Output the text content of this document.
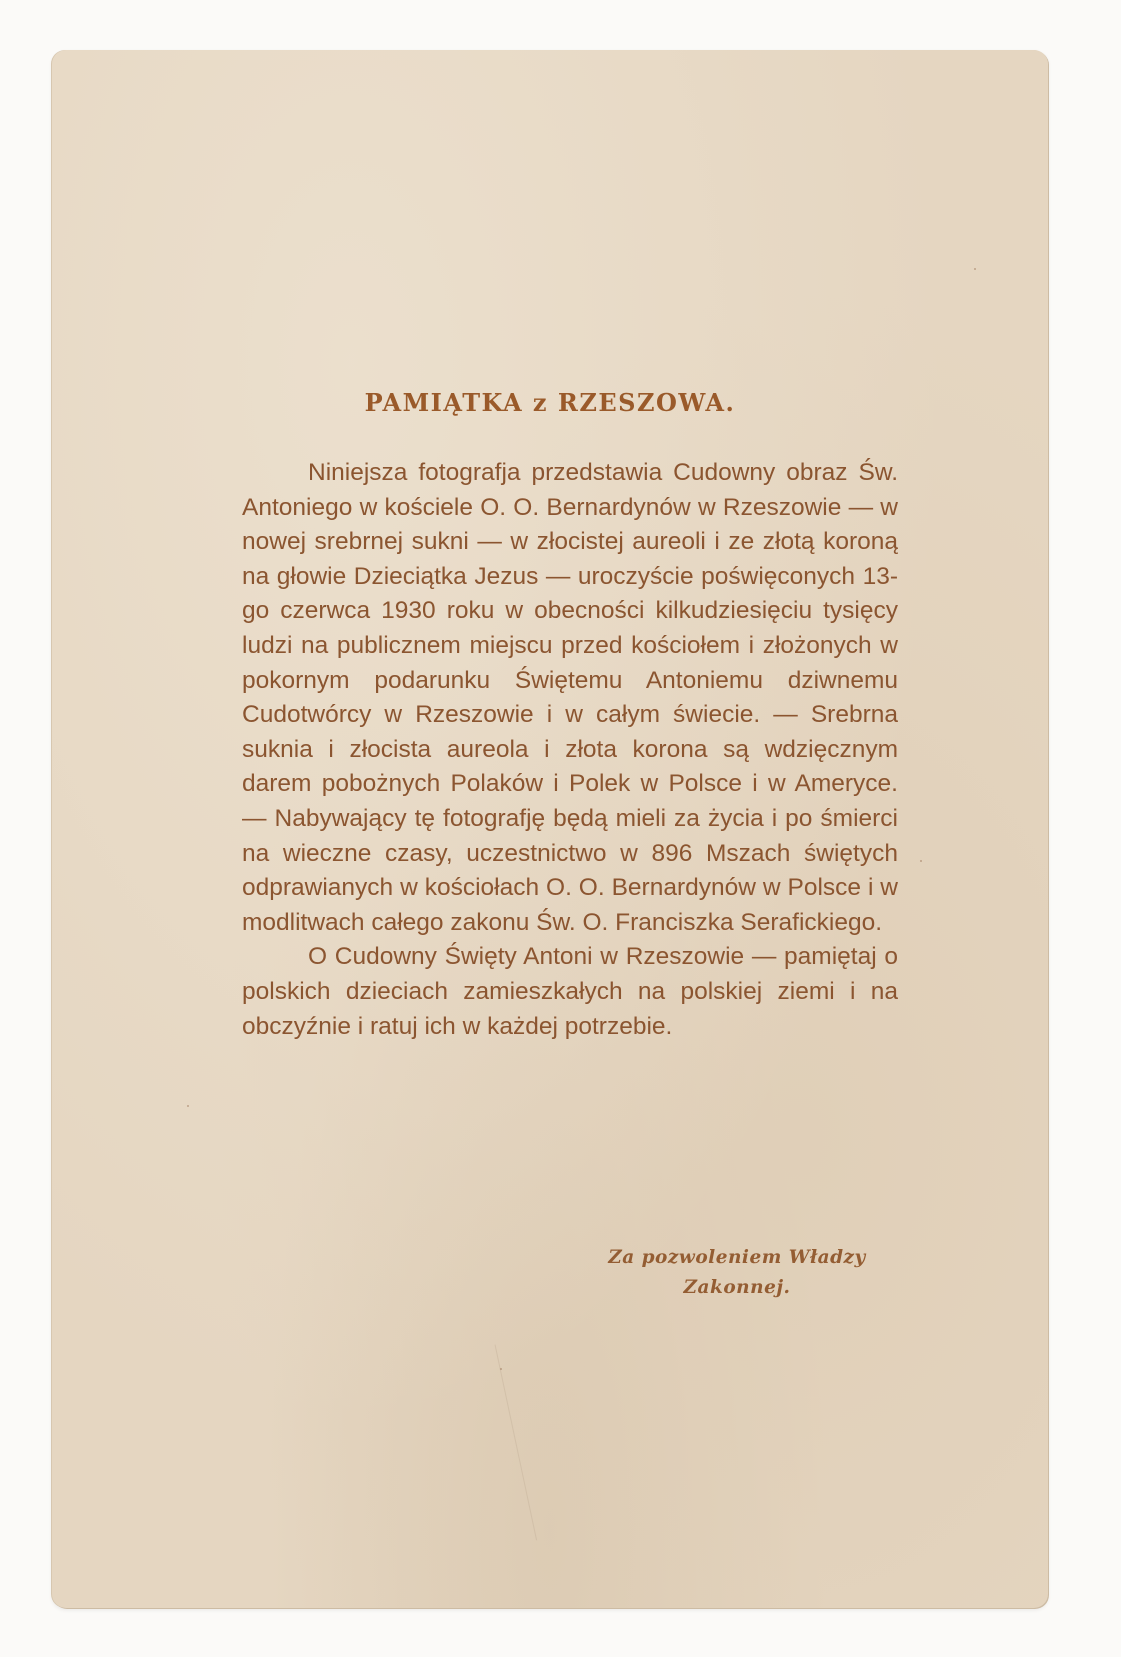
PAMIĄTKA z RZESZOWA.

Niniejsza fotografja przedstawia Cudowny obraz Św. Antoniego w kościele O. O. Bernardynów w Rzeszowie — w nowej srebrnej sukni — w złocistej aureoli i ze złotą koroną na głowie Dzieciątka Jezus — uroczyście poświęconych 13-go czerwca 1930 roku w obecności kilkudziesięciu tysięcy ludzi na publicznem miejscu przed kościołem i złożonych w pokornym podarunku Świętemu Antoniemu dziwnemu Cudotwórcy w Rzeszowie i w całym świecie. — Srebrna suknia i złocista aureola i złota korona są wdzięcznym darem pobożnych Polaków i Polek w Polsce i w Ameryce. — Nabywający tę fotografję będą mieli za życia i po śmierci na wieczne czasy, uczestnictwo w 896 Mszach świętych odprawianych w kościołach O. O. Bernardynów w Polsce i w modlitwach całego zakonu Św. O. Franciszka Serafickiego.

O Cudowny Święty Antoni w Rzeszowie — pamiętaj o polskich dzieciach zamieszkałych na polskiej ziemi i na obczyźnie i ratuj ich w każdej potrzebie.

Za pozwoleniem Władzy
Zakonnej.
